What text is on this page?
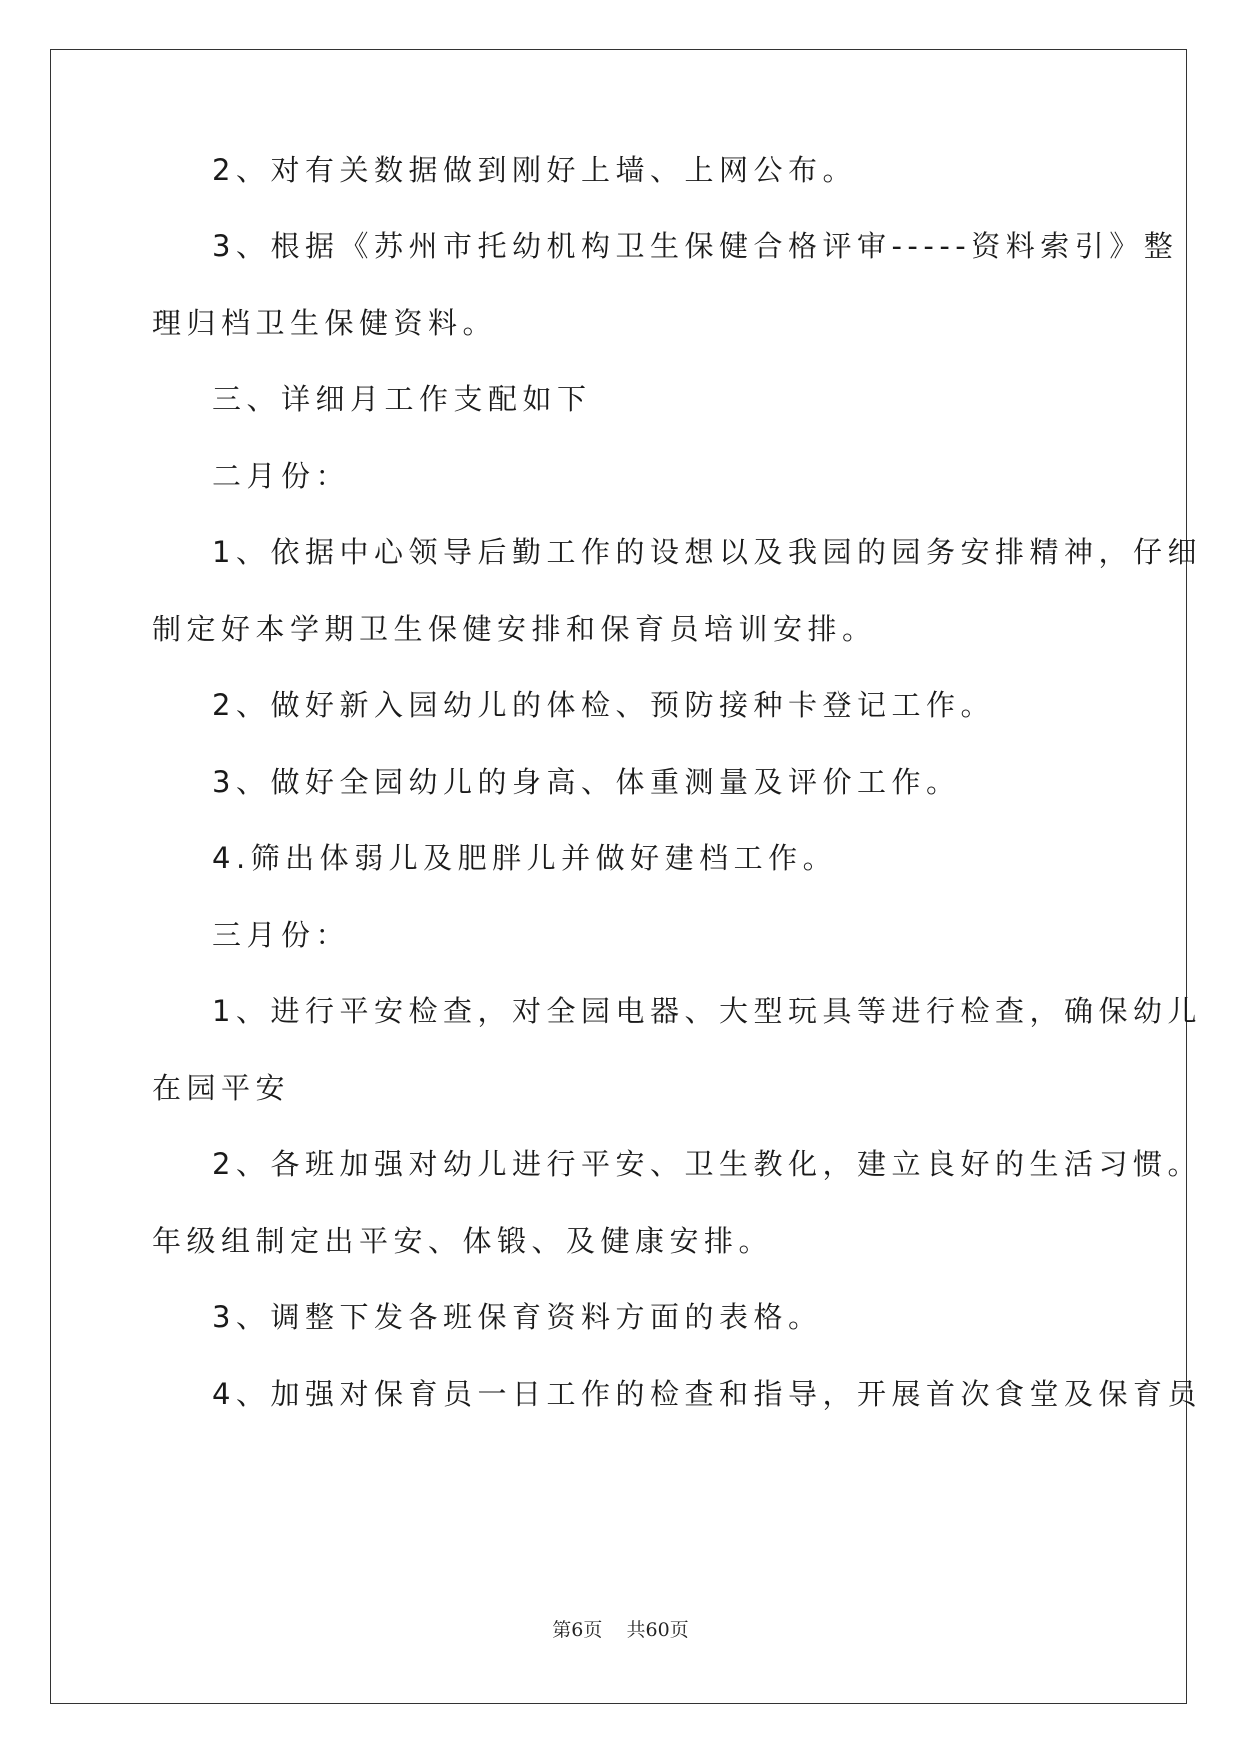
2、对有关数据做到刚好上墙、上网公布。

3、根据《苏州市托幼机构卫生保健合格评审-----资料索引》整

理归档卫生保健资料。

三、详细月工作支配如下

二月份：

1、依据中心领导后勤工作的设想以及我园的园务安排精神，仔细

制定好本学期卫生保健安排和保育员培训安排。

2、做好新入园幼儿的体检、预防接种卡登记工作。

3、做好全园幼儿的身高、体重测量及评价工作。

4.筛出体弱儿及肥胖儿并做好建档工作。

三月份：

1、进行平安检查，对全园电器、大型玩具等进行检查，确保幼儿

在园平安

2、各班加强对幼儿进行平安、卫生教化，建立良好的生活习惯。

年级组制定出平安、体锻、及健康安排。

3、调整下发各班保育资料方面的表格。

4、加强对保育员一日工作的检查和指导，开展首次食堂及保育员

第6页 共60页
